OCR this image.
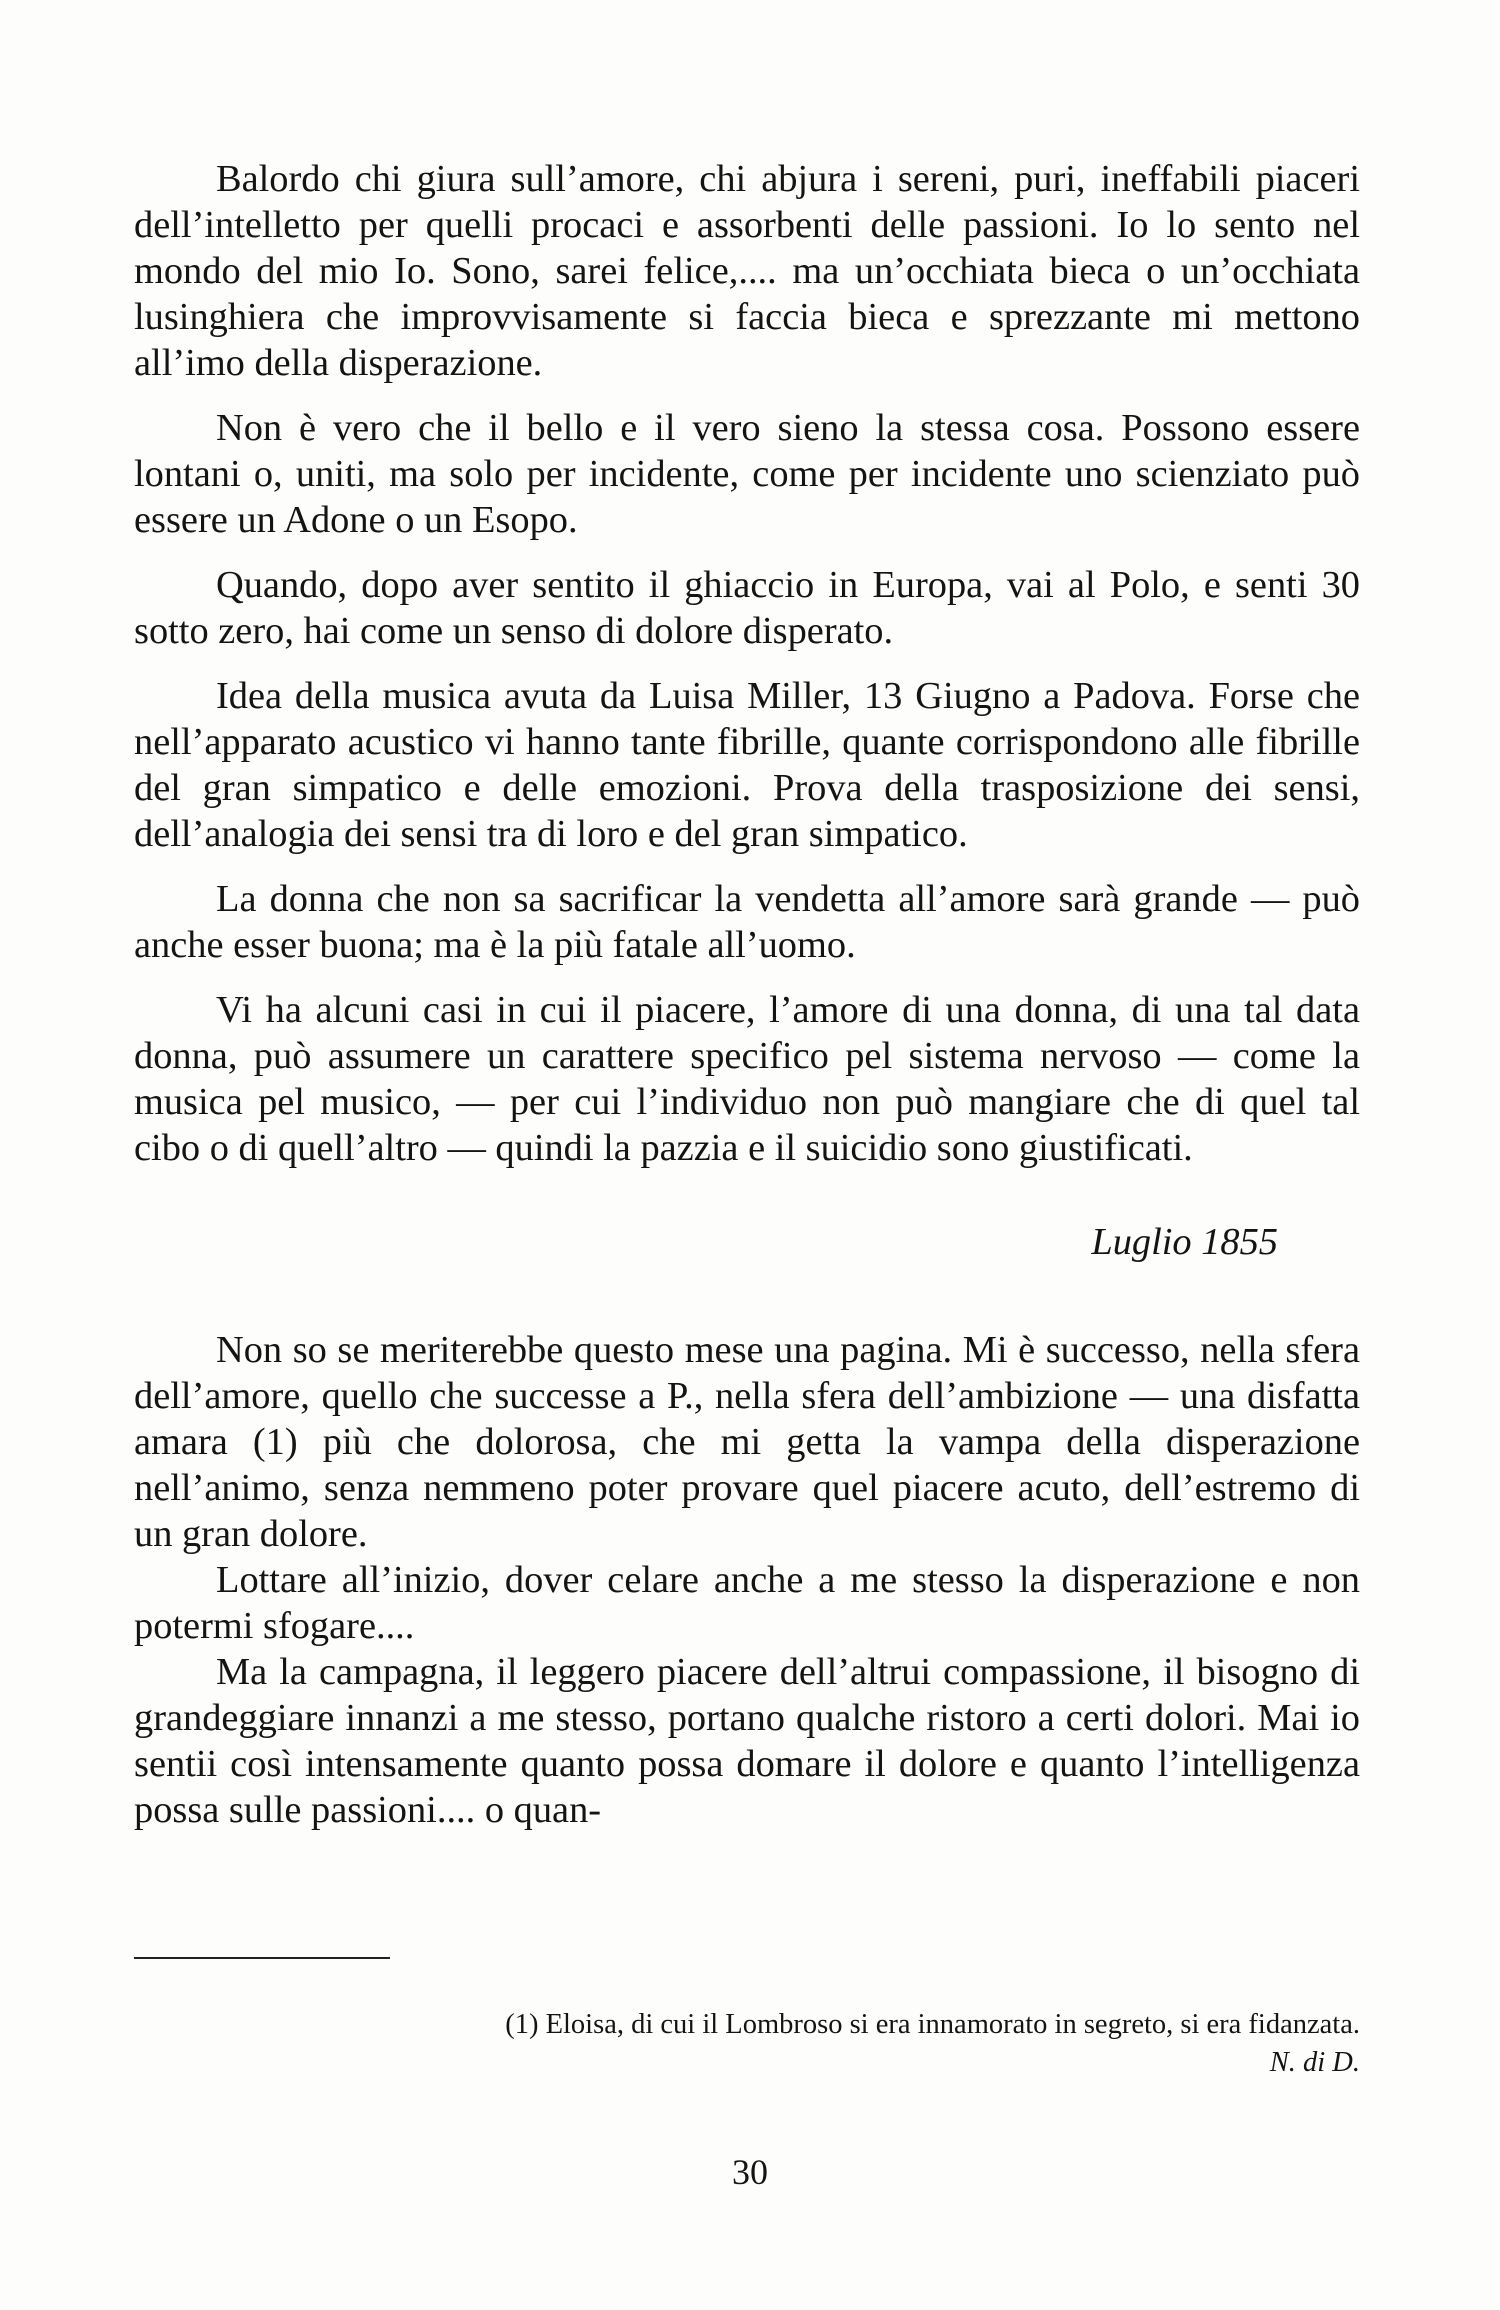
Balordo chi giura sull’amore, chi abjura i sereni, puri, ineffabili piaceri dell’intelletto per quelli procaci e assorbenti delle passioni. Io lo sento nel mondo del mio Io. Sono, sarei felice,.... ma un’occhiata bieca o un’occhiata lusinghiera che improvvisamente si faccia bieca e sprezzante mi mettono all’imo della disperazione.

Non è vero che il bello e il vero sieno la stessa cosa. Possono essere lontani o, uniti, ma solo per incidente, come per incidente uno scienziato può essere un Adone o un Esopo.

Quando, dopo aver sentito il ghiaccio in Europa, vai al Polo, e senti 30 sotto zero, hai come un senso di dolore disperato.

Idea della musica avuta da Luisa Miller, 13 Giugno a Padova. Forse che nell’apparato acustico vi hanno tante fibrille, quante corrispondono alle fibrille del gran simpatico e delle emozioni. Prova della trasposizione dei sensi, dell’analogia dei sensi tra di loro e del gran simpatico.

La donna che non sa sacrificar la vendetta all’amore sarà grande — può anche esser buona; ma è la più fatale all’uomo.

Vi ha alcuni casi in cui il piacere, l’amore di una donna, di una tal data donna, può assumere un carattere specifico pel sistema nervoso — come la musica pel musico, — per cui l’individuo non può mangiare che di quel tal cibo o di quell’altro — quindi la pazzia e il suicidio sono giustificati.

Luglio 1855

Non so se meriterebbe questo mese una pagina. Mi è successo, nella sfera dell’amore, quello che successe a P., nella sfera dell’ambizione — una disfatta amara (1) più che dolorosa, che mi getta la vampa della disperazione nell’animo, senza nemmeno poter provare quel piacere acuto, dell’estremo di un gran dolore.

Lottare all’inizio, dover celare anche a me stesso la disperazione e non potermi sfogare....

Ma la campagna, il leggero piacere dell’altrui compassione, il bisogno di grandeggiare innanzi a me stesso, portano qualche ristoro a certi dolori. Mai io sentii così intensamente quanto possa domare il dolore e quanto l’intelligenza possa sulle passioni.... o quan-

(1) Eloisa, di cui il Lombroso si era innamorato in segreto, si era fidanzata.
N. di D.
30
